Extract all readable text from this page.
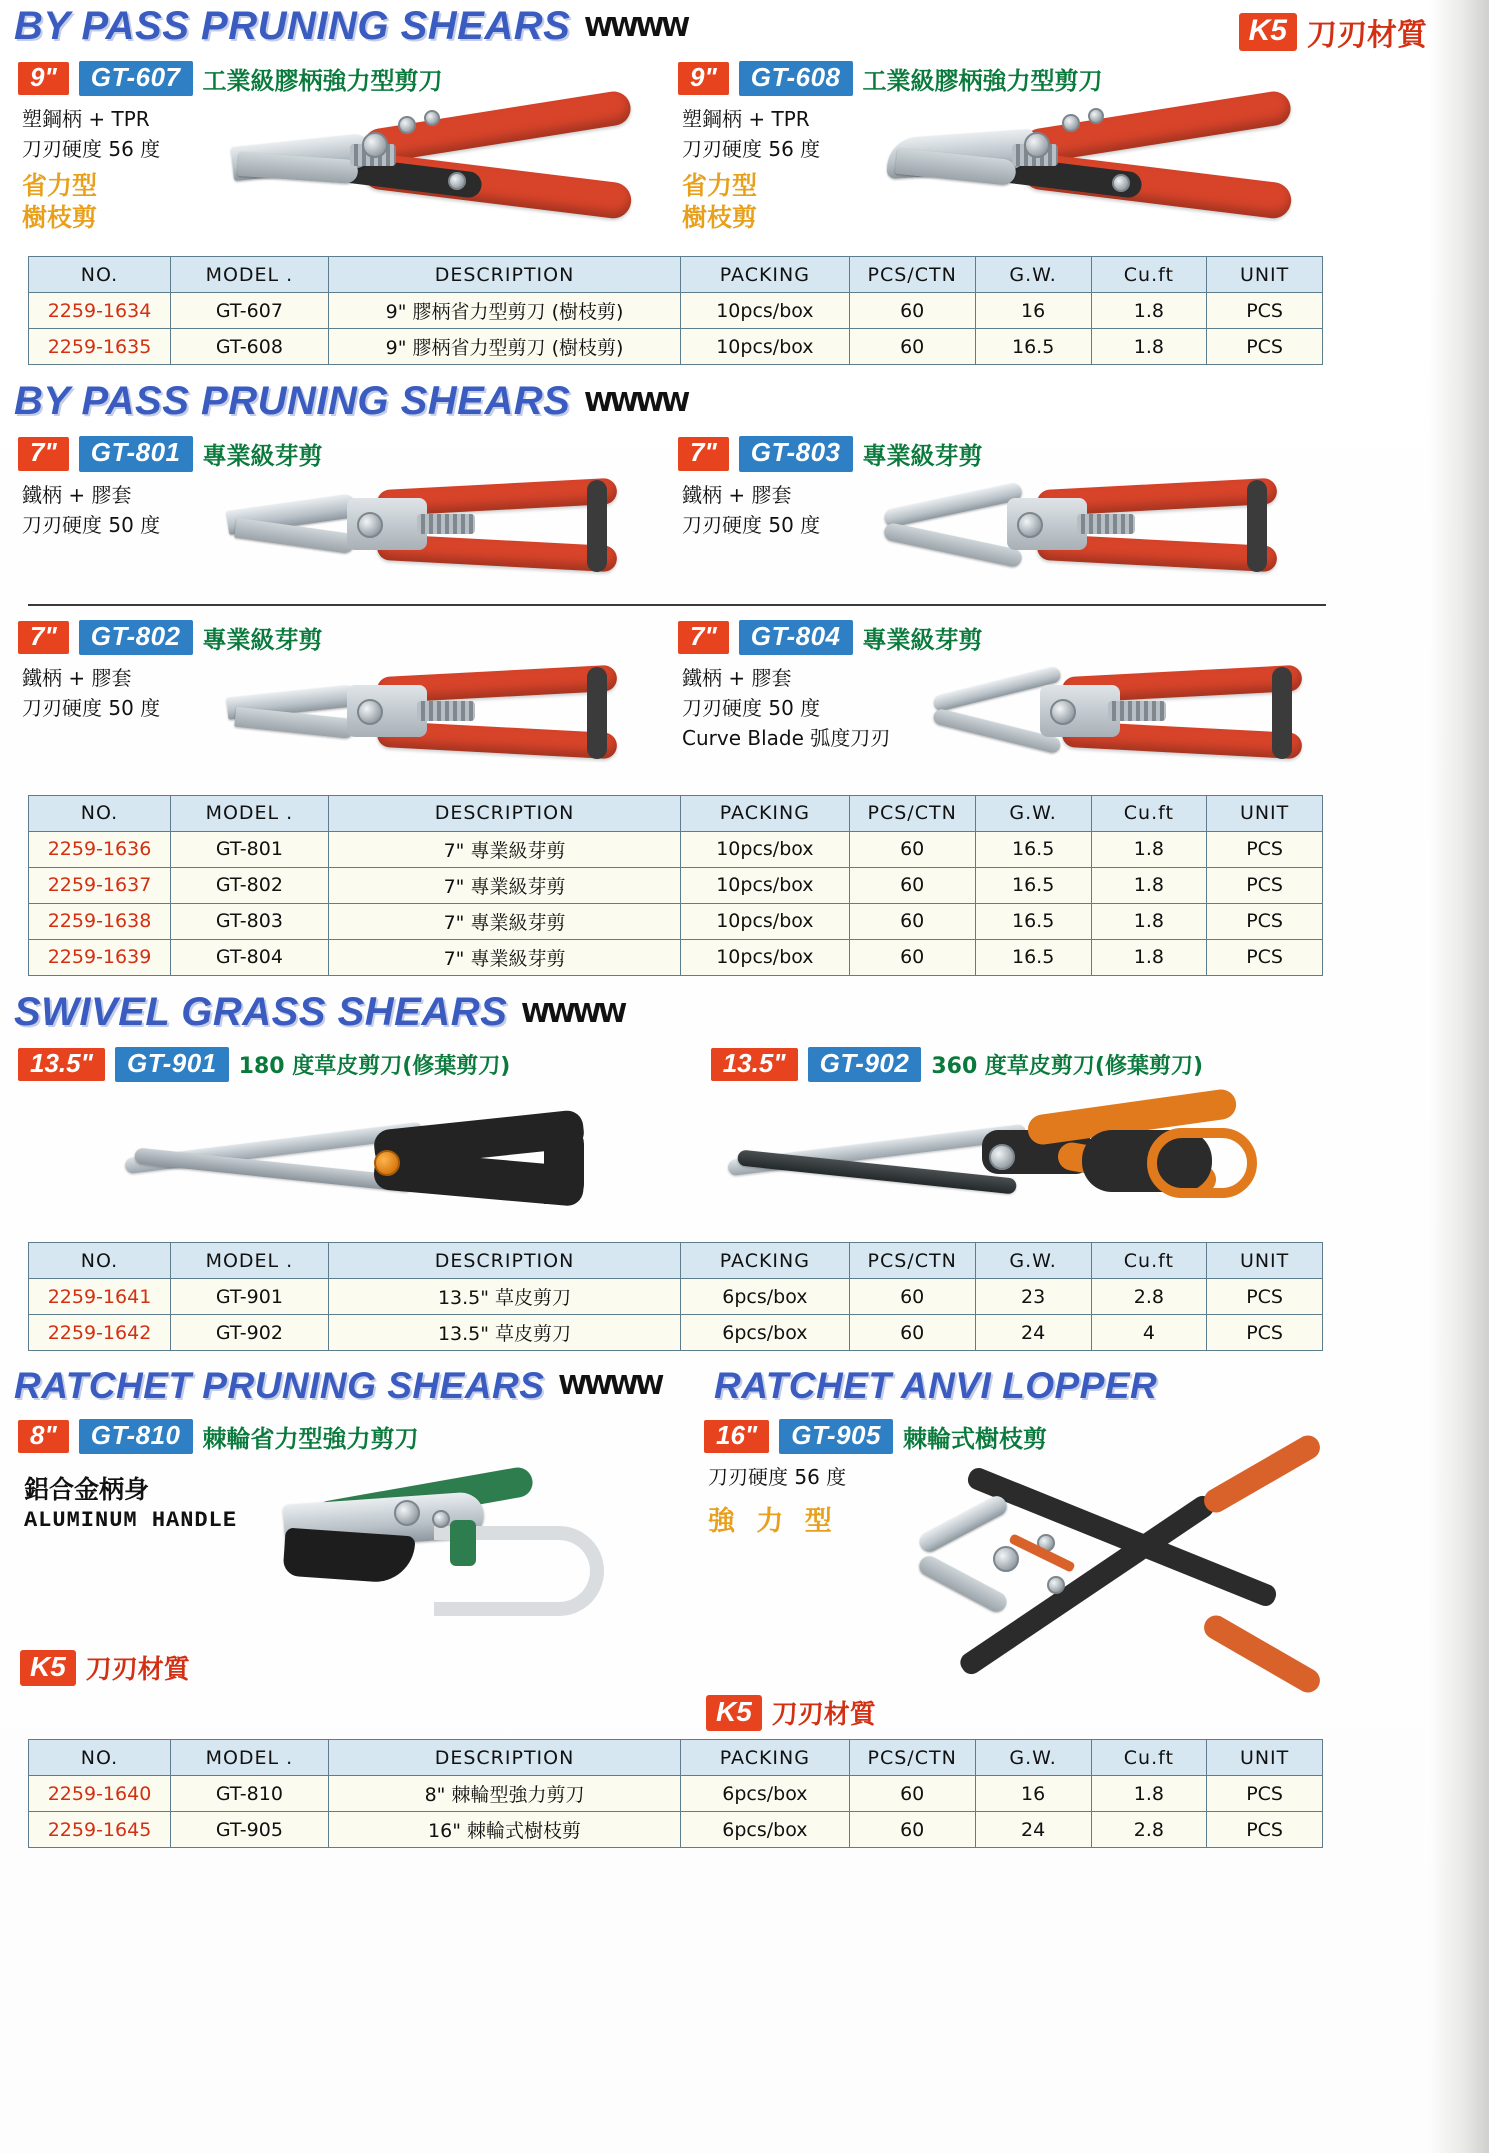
K5 刀刃材質
BY PASS PRUNING SHEARS WWWW
9"	GT-607 工業級膠柄強力型剪刀
塑鋼柄 + TPR
刀刃硬度 56 度
省力型
樹枝剪
9"	GT-608 工業級膠柄強力型剪刀
塑鋼柄 + TPR
刀刃硬度 56 度
省力型
樹枝剪
NO.	MODEL .	DESCRIPTION	PACKING	PCS/CTN	G.W.	Cu.ft	UNIT
2259-1634	GT-607	9" 膠柄省力型剪刀 (樹枝剪)	10pcs/box	60	16	1.8	PCS
2259-1635	GT-608	9" 膠柄省力型剪刀 (樹枝剪)	10pcs/box	60	16.5	1.8	PCS
BY PASS PRUNING SHEARS WWWW
7"	GT-801 專業級芽剪
鐵柄 + 膠套
刀刃硬度 50 度
7"	GT-803 專業級芽剪
鐵柄 + 膠套
刀刃硬度 50 度
7"	GT-802 專業級芽剪
鐵柄 + 膠套
刀刃硬度 50 度
7"	GT-804 專業級芽剪
鐵柄 + 膠套
刀刃硬度 50 度
Curve Blade 弧度刀刃
NO.	MODEL .	DESCRIPTION	PACKING	PCS/CTN	G.W.	Cu.ft	UNIT
2259-1636	GT-801	7" 專業級芽剪	10pcs/box	60	16.5	1.8	PCS
2259-1637	GT-802	7" 專業級芽剪	10pcs/box	60	16.5	1.8	PCS
2259-1638	GT-803	7" 專業級芽剪	10pcs/box	60	16.5	1.8	PCS
2259-1639	GT-804	7" 專業級芽剪	10pcs/box	60	16.5	1.8	PCS
SWIVEL GRASS SHEARS WWWW
13.5"	GT-901	180 度草皮剪刀(修葉剪刀)	13.5"	GT-902	360 度草皮剪刀(修葉剪刀)
NO.	MODEL .	DESCRIPTION	PACKING	PCS/CTN	G.W.	Cu.ft	UNIT
2259-1641	GT-901	13.5" 草皮剪刀	6pcs/box	60	23	2.8	PCS
2259-1642	GT-902	13.5" 草皮剪刀	6pcs/box	60	24	4	PCS
RATCHET PRUNING SHEARS WWWW RATCHET ANVI LOPPER
8"	GT-810 棘輪省力型強力剪刀
鋁合金柄身
ALUMINUM HANDLE
K5 刀刃材質
16"	GT-905 棘輪式樹枝剪
刀刃硬度 56 度
強 力 型
K5 刀刃材質
NO.	MODEL .	DESCRIPTION	PACKING	PCS/CTN	G.W.	Cu.ft	UNIT
2259-1640	GT-810	8" 棘輪型強力剪刀	6pcs/box	60	16	1.8	PCS
2259-1645	GT-905	16" 棘輪式樹枝剪	6pcs/box	60	24	2.8	PCS
